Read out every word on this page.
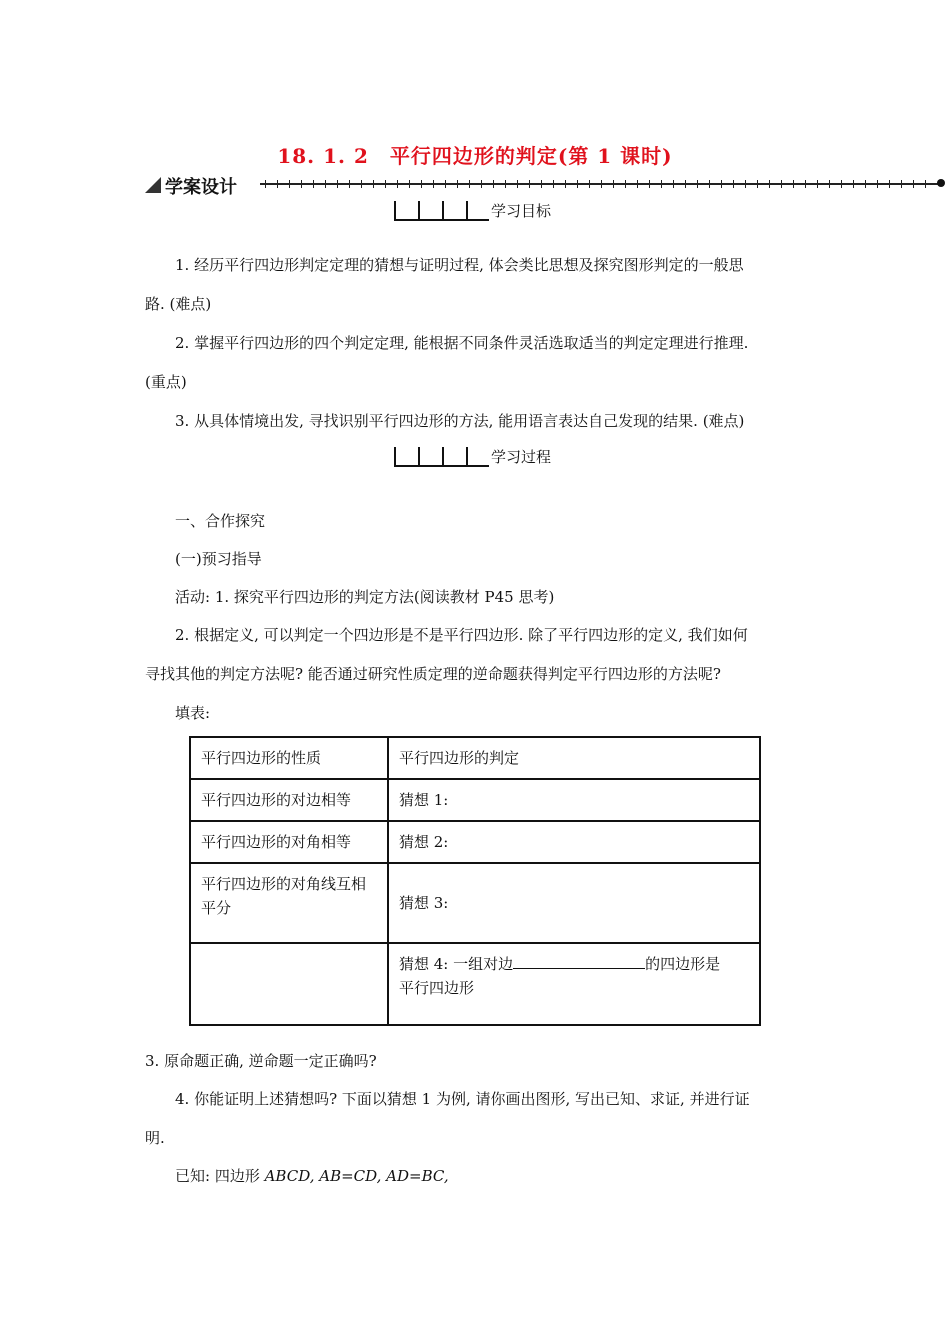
18. 1. 2　平行四边形的判定(第 1 课时)
学案设计
学习目标
1. 经历平行四边形判定定理的猜想与证明过程, 体会类比思想及探究图形判定的一般思
路. (难点)
2. 掌握平行四边形的四个判定定理, 能根据不同条件灵活选取适当的判定定理进行推理.
(重点)
3. 从具体情境出发, 寻找识别平行四边形的方法, 能用语言表达自己发现的结果. (难点)
学习过程
一、合作探究
(一)预习指导
活动: 1. 探究平行四边形的判定方法(阅读教材 P45 思考)
2. 根据定义, 可以判定一个四边形是不是平行四边形. 除了平行四边形的定义, 我们如何
寻找其他的判定方法呢? 能否通过研究性质定理的逆命题获得判定平行四边形的方法呢?
填表:
平行四边形的性质	平行四边形的判定
平行四边形的对边相等	猜想 1:
平行四边形的对角相等	猜想 2:
平行四边形的对角线互相平分	猜想 3:
	猜想 4: 一组对边 的四边形是
平行四边形
3. 原命题正确, 逆命题一定正确吗?
4. 你能证明上述猜想吗? 下面以猜想 1 为例, 请你画出图形, 写出已知、求证, 并进行证
明.
已知: 四边形 ABCD, AB=CD, AD=BC,
